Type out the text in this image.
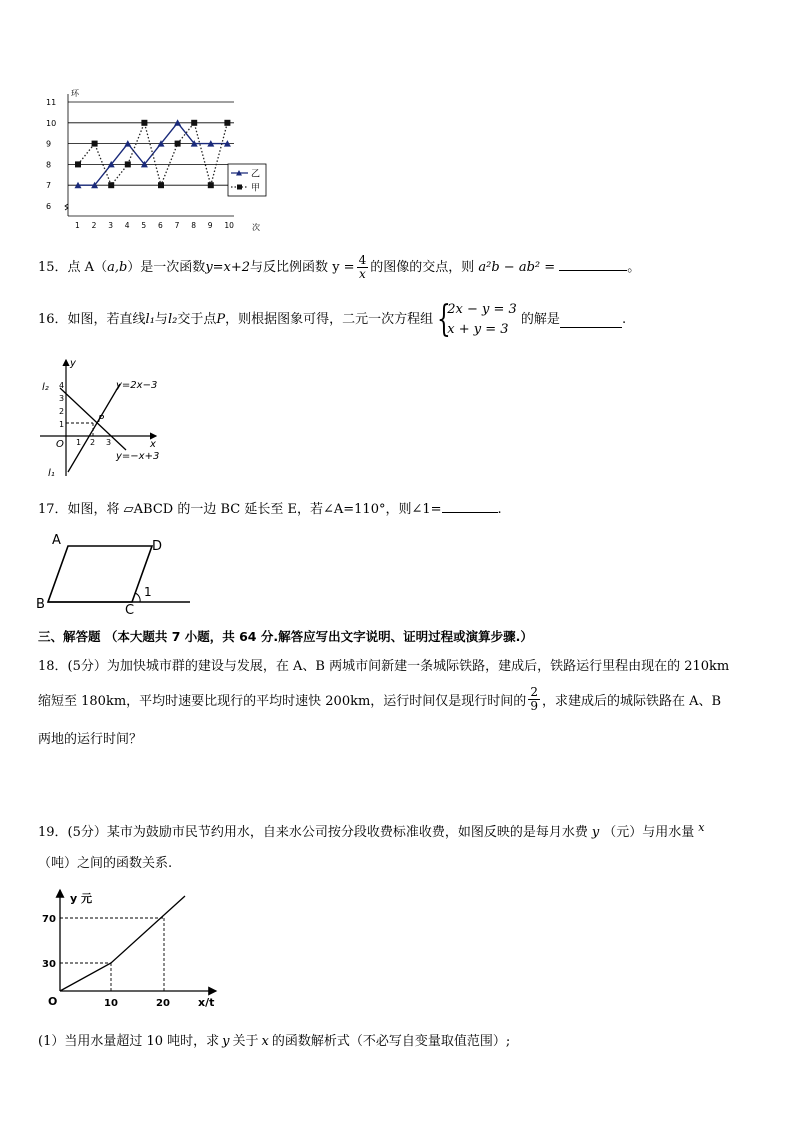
6
7
8
9
10
11
环
1 2 3 4 5 6 7 8 9 10 次
乙
甲
15．点 A（a,b）是一次函数y=x+2与反比例函数 $y = \frac{4}{x}$ 的图像的交点，则 a²b − ab² =	。
16．如图，若直线l₁与l₂交于点P，则根据图象可得，二元一次方程组 {
2x − y = 3
x + y = 3
的解是	.
y
x
O
1
2
3
4
1 2 3
P
y=2x−3
y=−x+3
l₂
l₁
17．如图，将 ▱ABCD 的一边 BC 延长至 E，若∠A=110°，则∠1=	.
A	D
B	C
1
三、解答题 （本大题共 7 小题，共 64 分.解答应写出文字说明、证明过程或演算步骤.）
18．(5分）为加快城市群的建设与发展，在 A、B 两城市间新建一条城际铁路，建成后，铁路运行里程由现在的 210km
缩短至 180km，平均时速要比现行的平均时速快 200km，运行时间仅是现行时间的 $\frac{2}{9}$ ，求建成后的城际铁路在 A、B
两地的运行时间？
19．(5分）某市为鼓励市民节约用水，自来水公司按分段收费标准收费，如图反映的是每月水费 y （元）与用水量 $^x$
（吨）之间的函数关系.
y 元
x/t
O
30
70
10	20
(1）当用水量超过 10 吨时，求 y 关于 x 的函数解析式（不必写自变量取值范围）;
